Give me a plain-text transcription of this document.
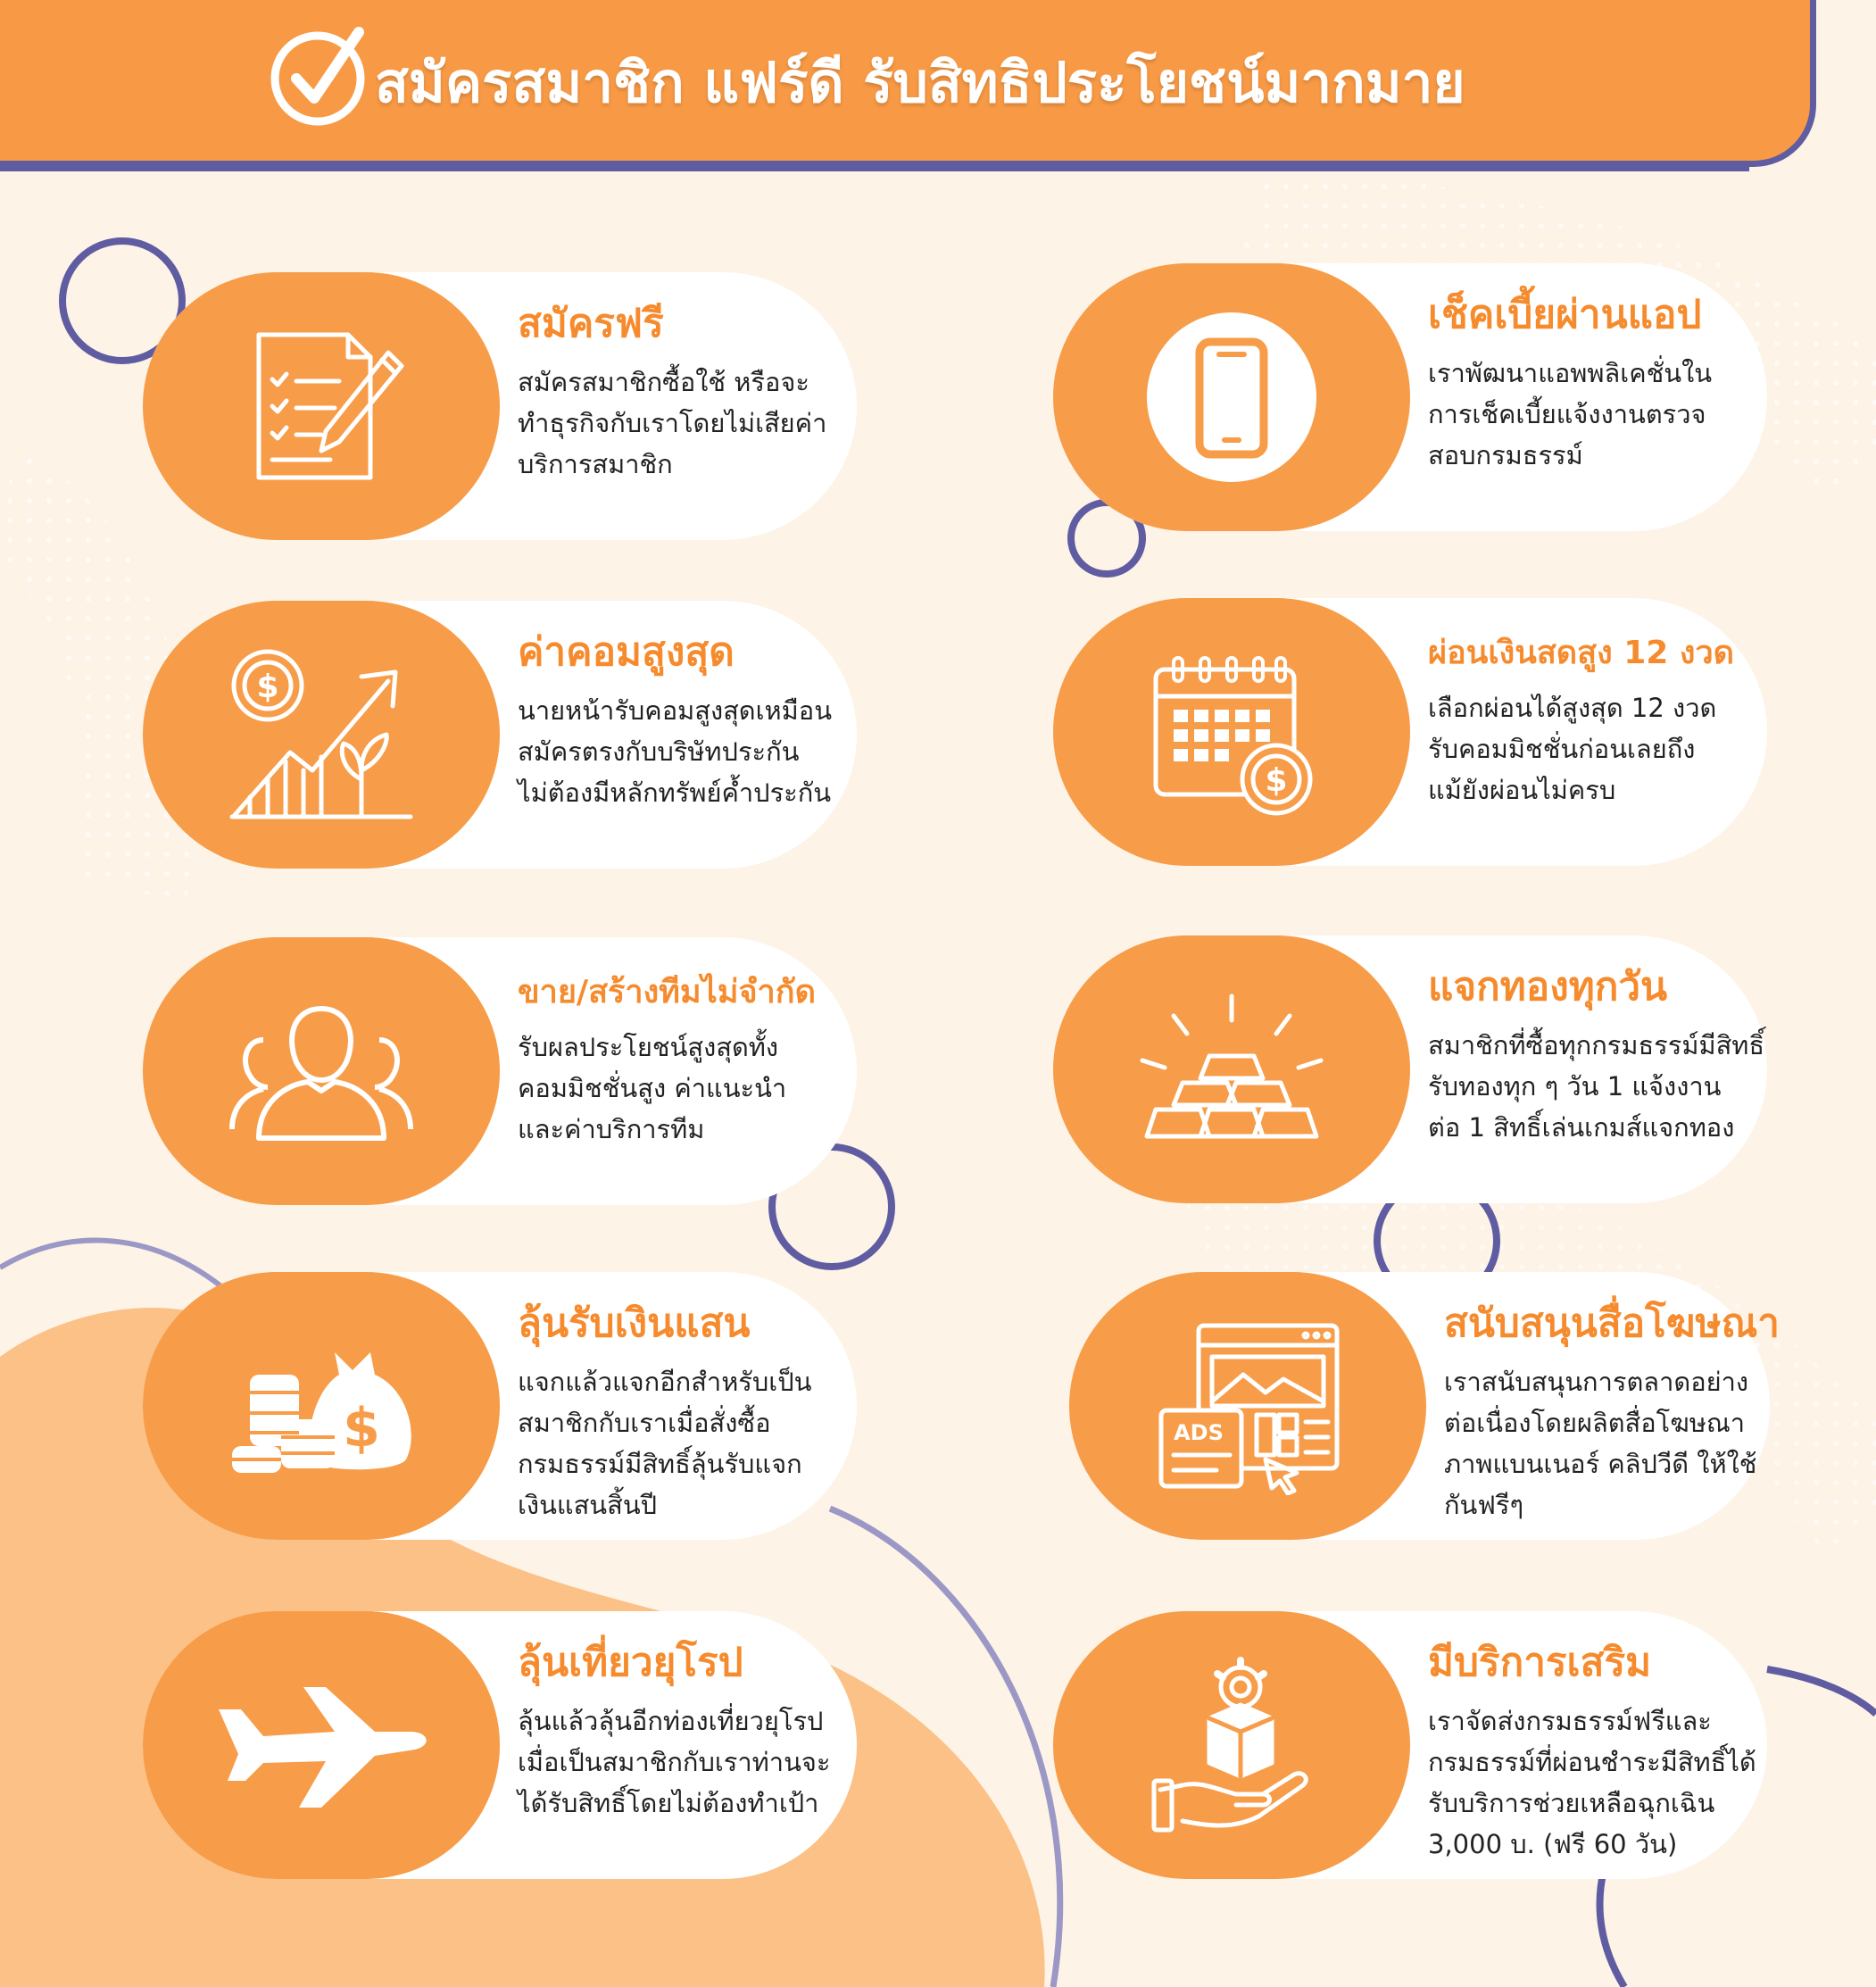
สมัครสมาชิก แฟร์ดี รับสิทธิประโยชน์มากมาย
สมัครฟรี
สมัครสมาชิกซื้อใช้ หรือจะ
ทำธุรกิจกับเราโดยไม่เสียค่า
บริการสมาชิก
เช็คเบี้ยผ่านแอป
เราพัฒนาแอพพลิเคชั่นใน
การเช็คเบี้ยแจ้งงานตรวจ
สอบกรมธรรม์
$
ค่าคอมสูงสุด
นายหน้ารับคอมสูงสุดเหมือน
สมัครตรงกับบริษัทประกัน
ไม่ต้องมีหลักทรัพย์ค้ำประกัน	$
ผ่อนเงินสดสูง 12 งวด
เลือกผ่อนได้สูงสุด 12 งวด
รับคอมมิชชั่นก่อนเลยถึง
แม้ยังผ่อนไม่ครบ
ขาย/สร้างทีมไม่จำกัด
รับผลประโยชน์สูงสุดทั้ง
คอมมิชชั่นสูง ค่าแนะนำ
และค่าบริการทีม
แจกทองทุกวัน
สมาชิกที่ซื้อทุกกรมธรรม์มีสิทธิ์
รับทองทุก ๆ วัน 1 แจ้งงาน
ต่อ 1 สิทธิ์เล่นเกมส์แจกทอง
$
ลุ้นรับเงินแสน
แจกแล้วแจกอีกสำหรับเป็น
สมาชิกกับเราเมื่อสั่งซื้อ
กรมธรรม์มีสิทธิ์ลุ้นรับแจก
เงินแสนสิ้นปี
ADS
สนับสนุนสื่อโฆษณา
เราสนับสนุนการตลาดอย่าง
ต่อเนื่องโดยผลิตสื่อโฆษณา
ภาพแบนเนอร์ คลิปวีดี ให้ใช้
กันฟรีๆ
ลุ้นเที่ยวยุโรป
ลุ้นแล้วลุ้นอีกท่องเที่ยวยุโรป
เมื่อเป็นสมาชิกกับเราท่านจะ
ได้รับสิทธิ์โดยไม่ต้องทำเป้า
มีบริการเสริม
เราจัดส่งกรมธรรม์ฟรีและ
กรมธรรม์ที่ผ่อนชำระมีสิทธิ์ได้
รับบริการช่วยเหลือฉุกเฉิน
3,000 บ. (ฟรี 60 วัน)
